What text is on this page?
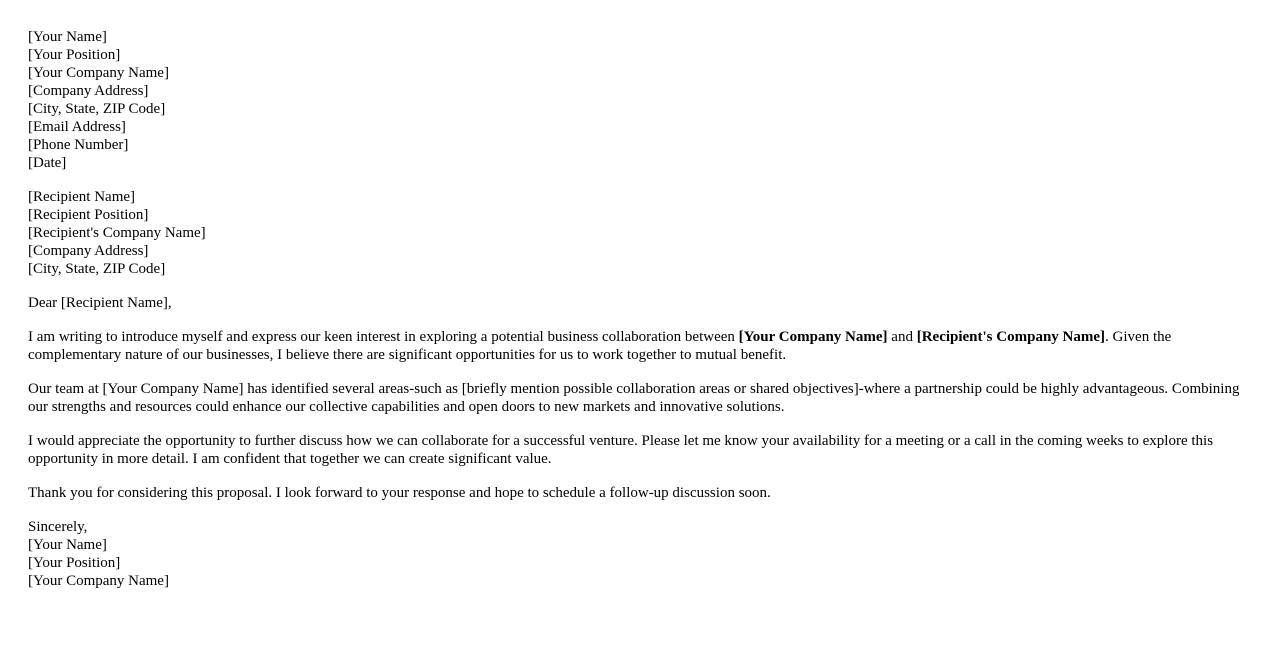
[Your Name]
[Your Position]
[Your Company Name]
[Company Address]
[City, State, ZIP Code]
[Email Address]
[Phone Number]
[Date]
[Recipient Name]
[Recipient Position]
[Recipient's Company Name]
[Company Address]
[City, State, ZIP Code]

Dear [Recipient Name],

I am writing to introduce myself and express our keen interest in exploring a potential business collaboration between [Your Company Name] and [Recipient's Company Name]. Given the complementary nature of our businesses, I believe there are significant opportunities for us to work together to mutual benefit.

Our team at [Your Company Name] has identified several areas-such as [briefly mention possible collaboration areas or shared objectives]-where a partnership could be highly advantageous. Combining our strengths and resources could enhance our collective capabilities and open doors to new markets and innovative solutions.

I would appreciate the opportunity to further discuss how we can collaborate for a successful venture. Please let me know your availability for a meeting or a call in the coming weeks to explore this opportunity in more detail. I am confident that together we can create significant value.

Thank you for considering this proposal. I look forward to your response and hope to schedule a follow-up discussion soon.

Sincerely,
[Your Name]
[Your Position]
[Your Company Name]
